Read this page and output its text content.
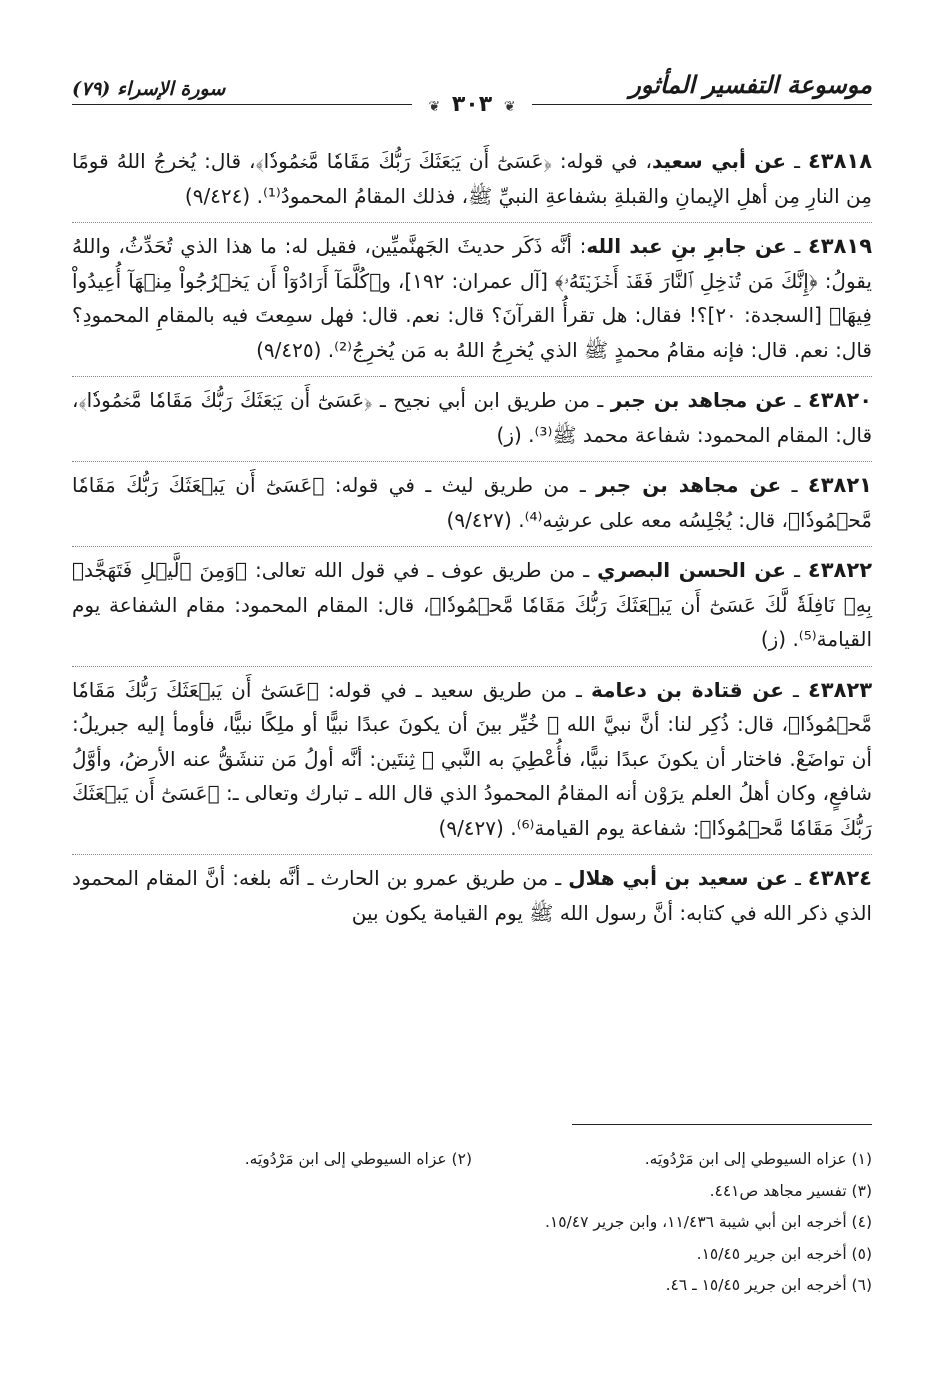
موسوعة التفسير المأثور
سورة الإسراء (٧٩)
❦ ٣٠٣ ❦

٤٣٨١٨ ـ عن أبي سعيد، في قوله: ﴿عَسَىٰٓ أَن يَبۡعَثَكَ رَبُّكَ مَقَامٗا مَّحۡمُودٗا﴾، قال: يُخرجُ اللهُ قومًا مِن النارِ مِن أهلِ الإيمانِ والقبلةِ بشفاعةِ النبيِّ ﷺ، فذلك المقامُ المحمودُ⁽¹⁾. (٩/٤٢٤)

٤٣٨١٩ ـ عن جابرِ بنِ عبد الله: أنَّه ذَكَر حديثَ الجَهنَّميِّين، فقيل له: ما هذا الذي تُحَدِّثُ، واللهُ يقولُ: ﴿إِنَّكَ مَن تُدۡخِلِ ٱلنَّارَ فَقَدۡ أَخۡزَيۡتَهُۥ﴾ [آل عمران: ١٩٢]، و﴿كُلَّمَآ أَرَادُوٓاْ أَن يَخۡرُجُواْ مِنۡهَآ أُعِيدُواْ فِيهَا﴾ [السجدة: ٢٠]؟! فقال: هل تقرأُ القرآنَ؟ قال: نعم. قال: فهل سمِعتَ فيه بالمقامِ المحمودِ؟ قال: نعم. قال: فإنه مقامُ محمدٍ ﷺ الذي يُخرِجُ اللهُ به مَن يُخرِجُ⁽²⁾. (٩/٤٢٥)

٤٣٨٢٠ ـ عن مجاهد بن جبر ـ من طريق ابن أبي نجيح ـ ﴿عَسَىٰٓ أَن يَبۡعَثَكَ رَبُّكَ مَقَامٗا مَّحۡمُودٗا﴾، قال: المقام المحمود: شفاعة محمد ﷺ⁽³⁾. (ز)

٤٣٨٢١ ـ عن مجاهد بن جبر ـ من طريق ليث ـ في قوله: ﴿عَسَىٰٓ أَن يَبۡعَثَكَ رَبُّكَ مَقَامٗا مَّحۡمُودٗا﴾، قال: يُجْلِسُه معه على عرشِه⁽⁴⁾. (٩/٤٢٧)

٤٣٨٢٢ ـ عن الحسن البصري ـ من طريق عوف ـ في قول الله تعالى: ﴿وَمِنَ ٱلَّيۡلِ فَتَهَجَّدۡ بِهِۦ نَافِلَةٗ لَّكَ عَسَىٰٓ أَن يَبۡعَثَكَ رَبُّكَ مَقَامٗا مَّحۡمُودٗا﴾، قال: المقام المحمود: مقام الشفاعة يوم القيامة⁽⁵⁾. (ز)

٤٣٨٢٣ ـ عن قتادة بن دعامة ـ من طريق سعيد ـ في قوله: ﴿عَسَىٰٓ أَن يَبۡعَثَكَ رَبُّكَ مَقَامٗا مَّحۡمُودٗا﴾، قال: ذُكِر لنا: أنَّ نبيَّ الله ﷺ خُيِّر بينَ أن يكونَ عبدًا نبيًّا أو ملِكًا نبيًّا، فأومأ إليه جبريلُ: أن تواضَعْ. فاختار أن يكونَ عبدًا نبيًّا، فأُعْطِيَ به النَّبي ﷺ ثِنتَين: أنَّه أولُ مَن تنشَقُّ عنه الأرضُ، وأوَّلُ شافعٍ، وكان أهلُ العلم يرَوْن أنه المقامُ المحمودُ الذي قال الله ـ تبارك وتعالى ـ: ﴿عَسَىٰٓ أَن يَبۡعَثَكَ رَبُّكَ مَقَامٗا مَّحۡمُودٗا﴾: شفاعة يوم القيامة⁽⁶⁾. (٩/٤٢٧)

٤٣٨٢٤ ـ عن سعيد بن أبي هلال ـ من طريق عمرو بن الحارث ـ أنَّه بلغه: أنَّ المقام المحمود الذي ذكر الله في كتابه: أنَّ رسول الله ﷺ يوم القيامة يكون بين

(١) عزاه السيوطي إلى ابن مَرْدُويَه.
(٢) عزاه السيوطي إلى ابن مَرْدُويَه.
(٣) تفسير مجاهد ص٤٤١.
(٤) أخرجه ابن أبي شيبة ١١/٤٣٦، وابن جرير ١٥/٤٧.
(٥) أخرجه ابن جرير ١٥/٤٥.
(٦) أخرجه ابن جرير ١٥/٤٥ ـ ٤٦.
